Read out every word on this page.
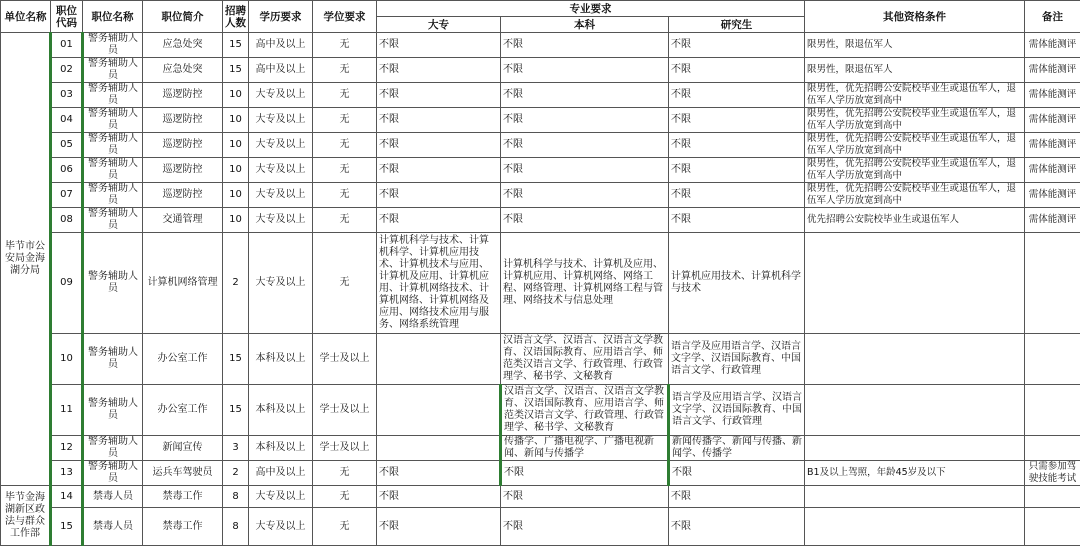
单位名称	职位代码	职位名称	职位简介	招聘人数	学历要求	学位要求	专业要求			其他资格条件	备注
							大专	本科	研究生		
毕节市公安局金海湖分局	01	警务辅助人员	应急处突	15	高中及以上	无	不限	不限	不限	限男性，限退伍军人	需体能测评
	02	警务辅助人员	应急处突	15	高中及以上	无	不限	不限	不限	限男性，限退伍军人	需体能测评
	03	警务辅助人员	巡逻防控	10	大专及以上	无	不限	不限	不限	限男性，优先招聘公安院校毕业生或退伍军人，退伍军人学历放宽到高中	需体能测评
	04	警务辅助人员	巡逻防控	10	大专及以上	无	不限	不限	不限	限男性，优先招聘公安院校毕业生或退伍军人，退伍军人学历放宽到高中	需体能测评
	05	警务辅助人员	巡逻防控	10	大专及以上	无	不限	不限	不限	限男性，优先招聘公安院校毕业生或退伍军人，退伍军人学历放宽到高中	需体能测评
	06	警务辅助人员	巡逻防控	10	大专及以上	无	不限	不限	不限	限男性，优先招聘公安院校毕业生或退伍军人，退伍军人学历放宽到高中	需体能测评
	07	警务辅助人员	巡逻防控	10	大专及以上	无	不限	不限	不限	限男性，优先招聘公安院校毕业生或退伍军人，退伍军人学历放宽到高中	需体能测评
	08	警务辅助人员	交通管理	10	大专及以上	无	不限	不限	不限	优先招聘公安院校毕业生或退伍军人	需体能测评
	09	警务辅助人员	计算机网络管理	2	大专及以上	无	计算机科学与技术、计算机科学、计算机应用技术、计算机技术与应用、计算机及应用、计算机应用、计算机网络技术、计算机网络、计算机网络及应用、网络技术应用与服务、网络系统管理	计算机科学与技术、计算机及应用、计算机应用、计算机网络、网络工程、网络管理、计算机网络工程与管理、网络技术与信息处理	计算机应用技术、计算机科学与技术		
	10	警务辅助人员	办公室工作	15	本科及以上	学士及以上		汉语言文学、汉语言、汉语言文学教育、汉语国际教育、应用语言学、师范类汉语言文学、行政管理、行政管理学、秘书学、文秘教育	语言学及应用语言学、汉语言文字学、汉语国际教育、中国语言文学、行政管理		
	11	警务辅助人员	办公室工作	15	本科及以上	学士及以上		汉语言文学、汉语言、汉语言文学教育、汉语国际教育、应用语言学、师范类汉语言文学、行政管理、行政管理学、秘书学、文秘教育	语言学及应用语言学、汉语言文字学、汉语国际教育、中国语言文学、行政管理		
	12	警务辅助人员	新闻宣传	3	本科及以上	学士及以上		传播学、广播电视学、广播电视新闻、新闻与传播学	新闻传播学、新闻与传播、新闻学、传播学		
	13	警务辅助人员	运兵车驾驶员	2	高中及以上	无	不限	不限	不限	B1及以上驾照，年龄45岁及以下	只需参加驾驶技能考试
毕节金海湖新区政法与群众工作部	14	禁毒人员	禁毒工作	8	大专及以上	无	不限	不限	不限		
	15	禁毒人员	禁毒工作	8	大专及以上	无	不限	不限	不限		
